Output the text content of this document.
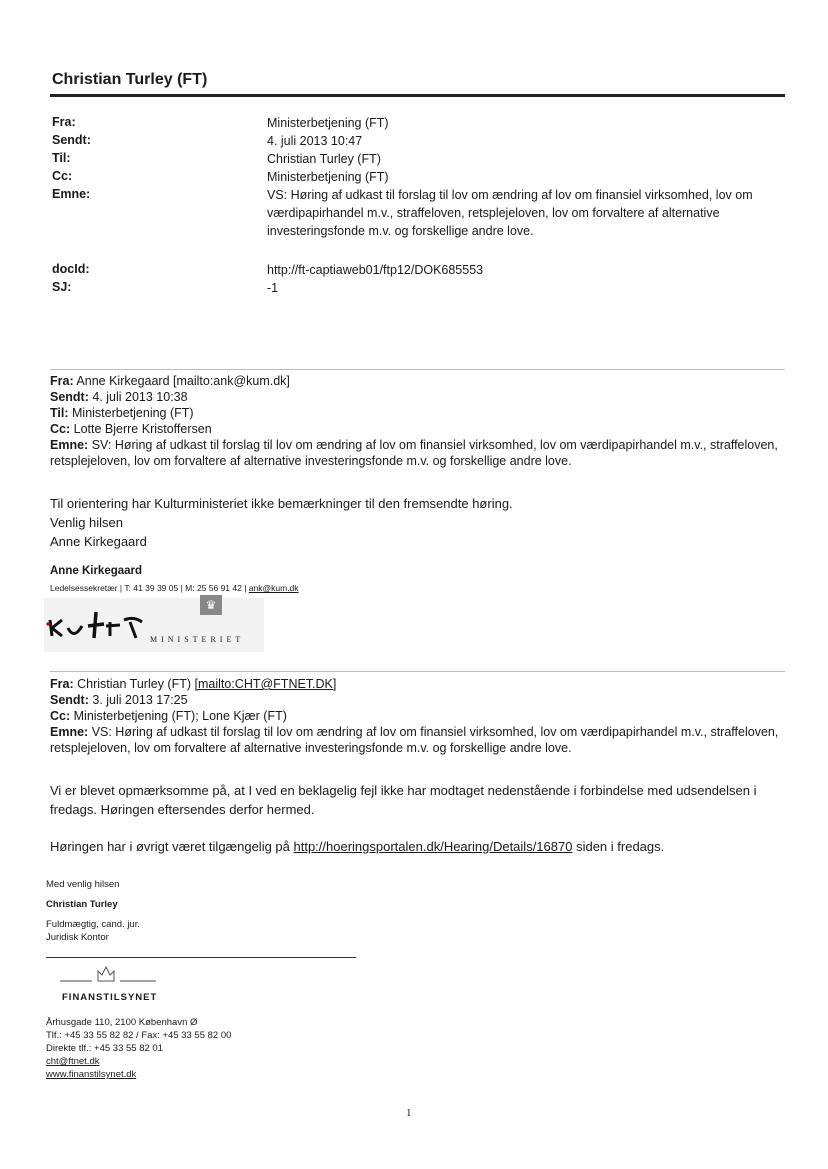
Christian Turley (FT)
Fra:	Ministerbetjening (FT)
Sendt:	4. juli 2013 10:47
Til:	Christian Turley (FT)
Cc:	Ministerbetjening (FT)
Emne:	VS: Høring af udkast til forslag til lov om ændring af lov om finansiel virksomhed, lov om værdipapirhandel m.v., straffeloven, retsplejeloven, lov om forvaltere af alternative investeringsfonde m.v. og forskellige andre love.
docId:	http://ft-captiaweb01/ftp12/DOK685553
SJ:	-1
Fra: Anne Kirkegaard [mailto:ank@kum.dk]
Sendt: 4. juli 2013 10:38
Til: Ministerbetjening (FT)
Cc: Lotte Bjerre Kristoffersen
Emne: SV: Høring af udkast til forslag til lov om ændring af lov om finansiel virksomhed, lov om værdipapirhandel m.v., straffeloven, retsplejeloven, lov om forvaltere af alternative investeringsfonde m.v. og forskellige andre love.
Til orientering har Kulturministeriet ikke bemærkninger til den fremsendte høring.
Venlig hilsen
Anne Kirkegaard
Anne Kirkegaard
Ledelsessekretær | T: 41 39 39 05 | M: 25 56 91 42 | ank@kum.dk
♛
MINISTERIET
Fra: Christian Turley (FT) [mailto:CHT@FTNET.DK]
Sendt: 3. juli 2013 17:25
Cc: Ministerbetjening (FT); Lone Kjær (FT)
Emne: VS: Høring af udkast til forslag til lov om ændring af lov om finansiel virksomhed, lov om værdipapirhandel m.v., straffeloven, retsplejeloven, lov om forvaltere af alternative investeringsfonde m.v. og forskellige andre love.
Vi er blevet opmærksomme på, at I ved en beklagelig fejl ikke har modtaget nedenstående i forbindelse med udsendelsen i fredags. Høringen eftersendes derfor hermed.
Høringen har i øvrigt været tilgængelig på http://hoeringsportalen.dk/Hearing/Details/16870 siden i fredags.
Med venlig hilsen
Christian Turley
Fuldmægtig, cand. jur.
Juridisk Kontor
FINANSTILSYNET
Århusgade 110, 2100 København Ø
Tlf.: +45 33 55 82 82 / Fax: +45 33 55 82 00
Direkte tlf.: +45 33 55 82 01
cht@ftnet.dk
www.finanstilsynet.dk
1
